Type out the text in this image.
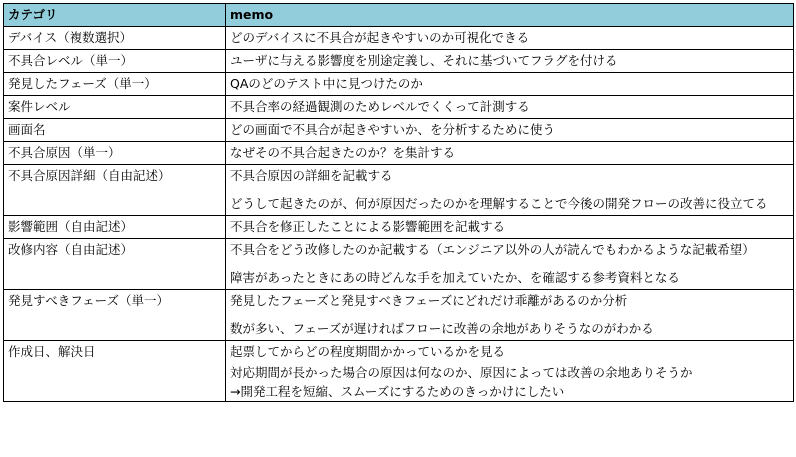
カテゴリ	memo
デバイス（複数選択）	どのデバイスに不具合が起きやすいのか可視化できる

不具合レベル（単一）	ユーザに与える影響度を別途定義し、それに基づいてフラグを付ける

発見したフェーズ（単一）	QAのどのテスト中に見つけたのか

案件レベル	不具合率の経過観測のためレベルでくくって計測する

画面名	どの画面で不具合が起きやすいか、を分析するために使う

不具合原因（単一）	なぜその不具合起きたのか？を集計する

不具合原因詳細（自由記述）	不具合原因の詳細を記載する
どうして起きたのが、何が原因だったのかを理解することで今後の開発フローの改善に役立てる

影響範囲（自由記述）	不具合を修正したことによる影響範囲を記載する

改修内容（自由記述）	不具合をどう改修したのか記載する（エンジニア以外の人が読んでもわかるような記載希望）
障害があったときにあの時どんな手を加えていたか、を確認する参考資料となる

発見すべきフェーズ（単一）	発見したフェーズと発見すべきフェーズにどれだけ乖離があるのか分析
数が多い、フェーズが遅ければフローに改善の余地がありそうなのがわかる

作成日、解決日	起票してからどの程度期間かかっているかを見る
対応期間が長かった場合の原因は何なのか、原因によっては改善の余地ありそうか
→開発工程を短縮、スムーズにするためのきっかけにしたい
